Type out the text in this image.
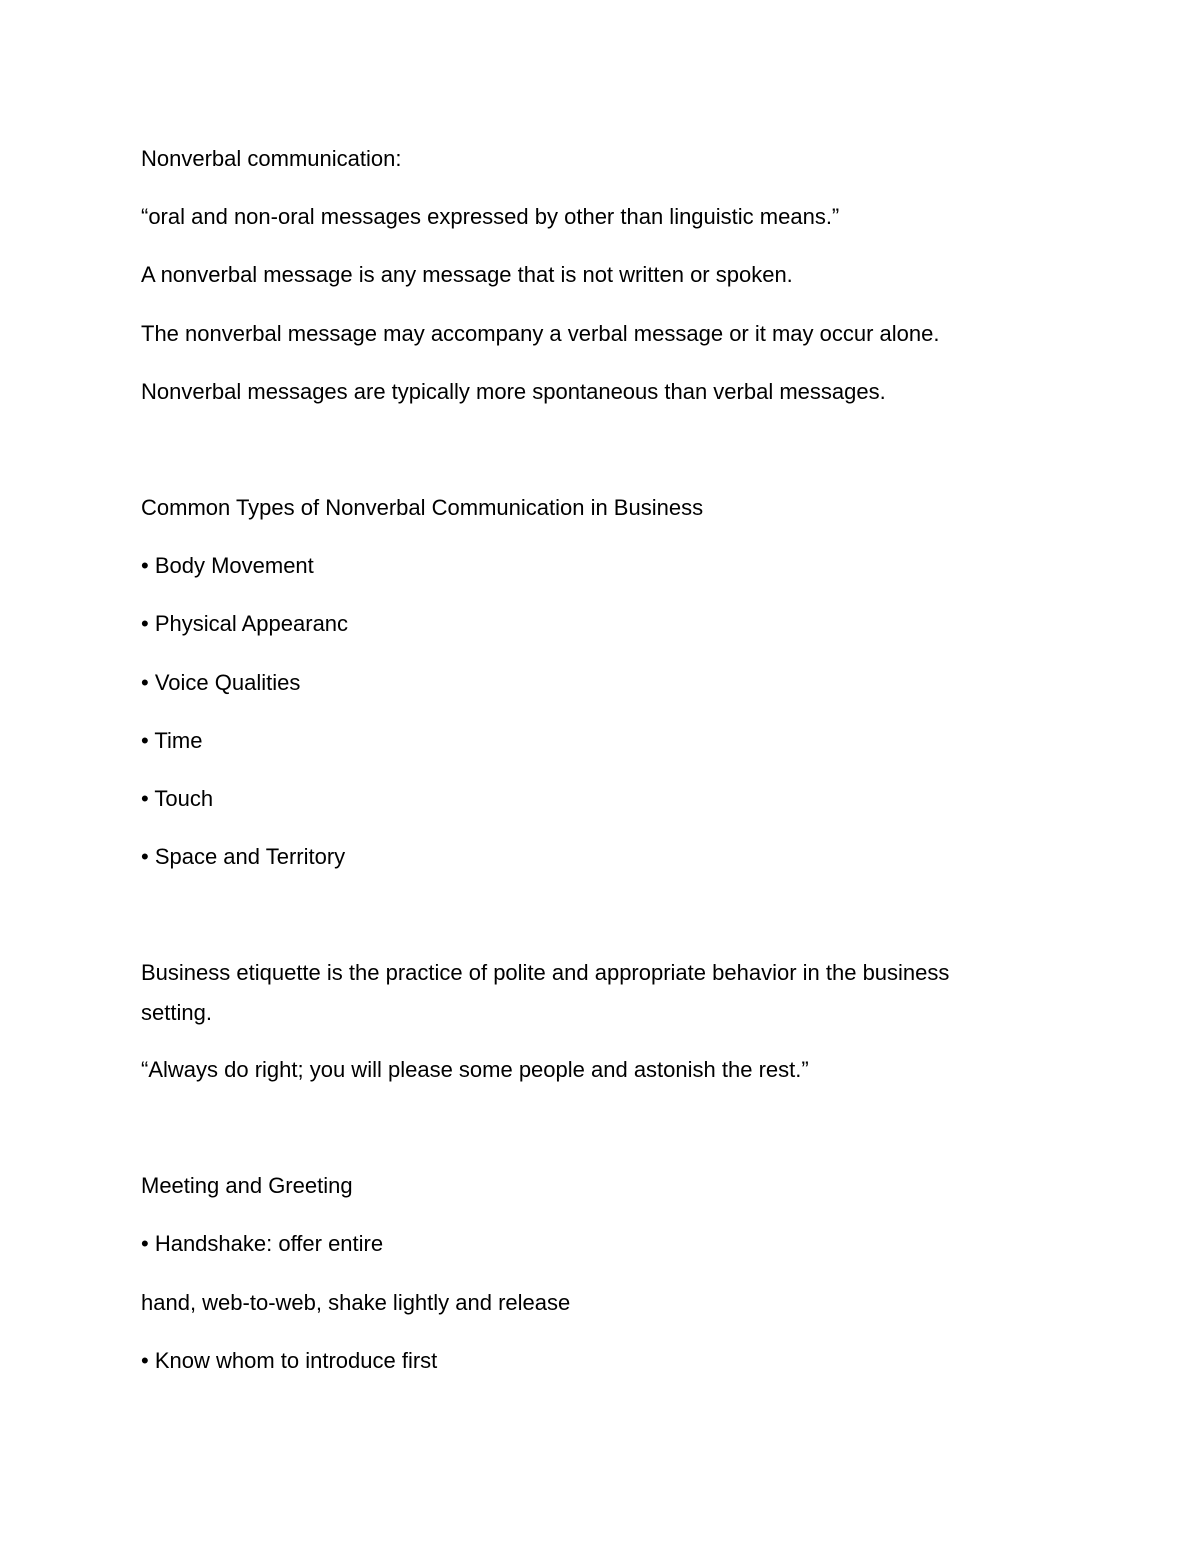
Nonverbal communication:

“oral and non-oral messages expressed by other than linguistic means.”

A nonverbal message is any message that is not written or spoken.

The nonverbal message may accompany a verbal message or it may occur alone.

Nonverbal messages are typically more spontaneous than verbal messages.

Common Types of Nonverbal Communication in Business

• Body Movement

• Physical Appearanc

• Voice Qualities

• Time

• Touch

• Space and Territory

Business etiquette is the practice of polite and appropriate behavior in the business setting.

“Always do right; you will please some people and astonish the rest.”

Meeting and Greeting

• Handshake: offer entire

hand, web-to-web, shake lightly and release

• Know whom to introduce first
